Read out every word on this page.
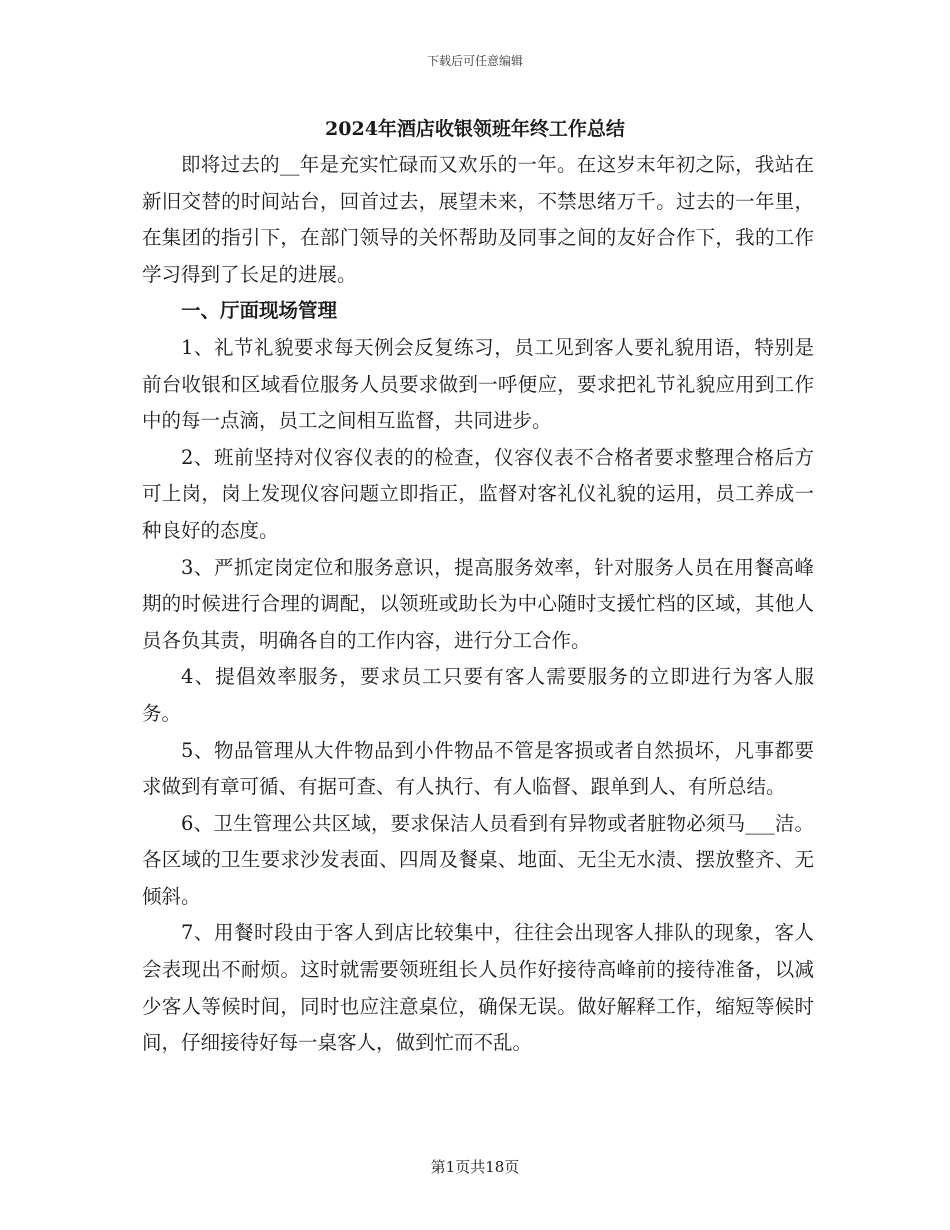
下载后可任意编辑
2024年酒店收银领班年终工作总结

即将过去的__年是充实忙碌而又欢乐的一年。在这岁末年初之际，我站在新旧交替的时间站台，回首过去，展望未来，不禁思绪万千。过去的一年里，在集团的指引下，在部门领导的关怀帮助及同事之间的友好合作下，我的工作学习得到了长足的进展。

一、厅面现场管理

1、礼节礼貌要求每天例会反复练习，员工见到客人要礼貌用语，特别是前台收银和区域看位服务人员要求做到一呼便应，要求把礼节礼貌应用到工作中的每一点滴，员工之间相互监督，共同进步。

2、班前坚持对仪容仪表的的检查，仪容仪表不合格者要求整理合格后方可上岗，岗上发现仪容问题立即指正，监督对客礼仪礼貌的运用，员工养成一种良好的态度。

3、严抓定岗定位和服务意识，提高服务效率，针对服务人员在用餐高峰期的时候进行合理的调配，以领班或助长为中心随时支援忙档的区域，其他人员各负其责，明确各自的工作内容，进行分工合作。

4、提倡效率服务，要求员工只要有客人需要服务的立即进行为客人服务。

5、物品管理从大件物品到小件物品不管是客损或者自然损坏，凡事都要求做到有章可循、有据可查、有人执行、有人临督、跟单到人、有所总结。

6、卫生管理公共区域，要求保洁人员看到有异物或者脏物必须马___洁。各区域的卫生要求沙发表面、四周及餐桌、地面、无尘无水渍、摆放整齐、无倾斜。

7、用餐时段由于客人到店比较集中，往往会出现客人排队的现象，客人会表现出不耐烦。这时就需要领班组长人员作好接待高峰前的接待准备，以减少客人等候时间，同时也应注意桌位，确保无误。做好解释工作，缩短等候时间，仔细接待好每一桌客人，做到忙而不乱。

第1页共18页
